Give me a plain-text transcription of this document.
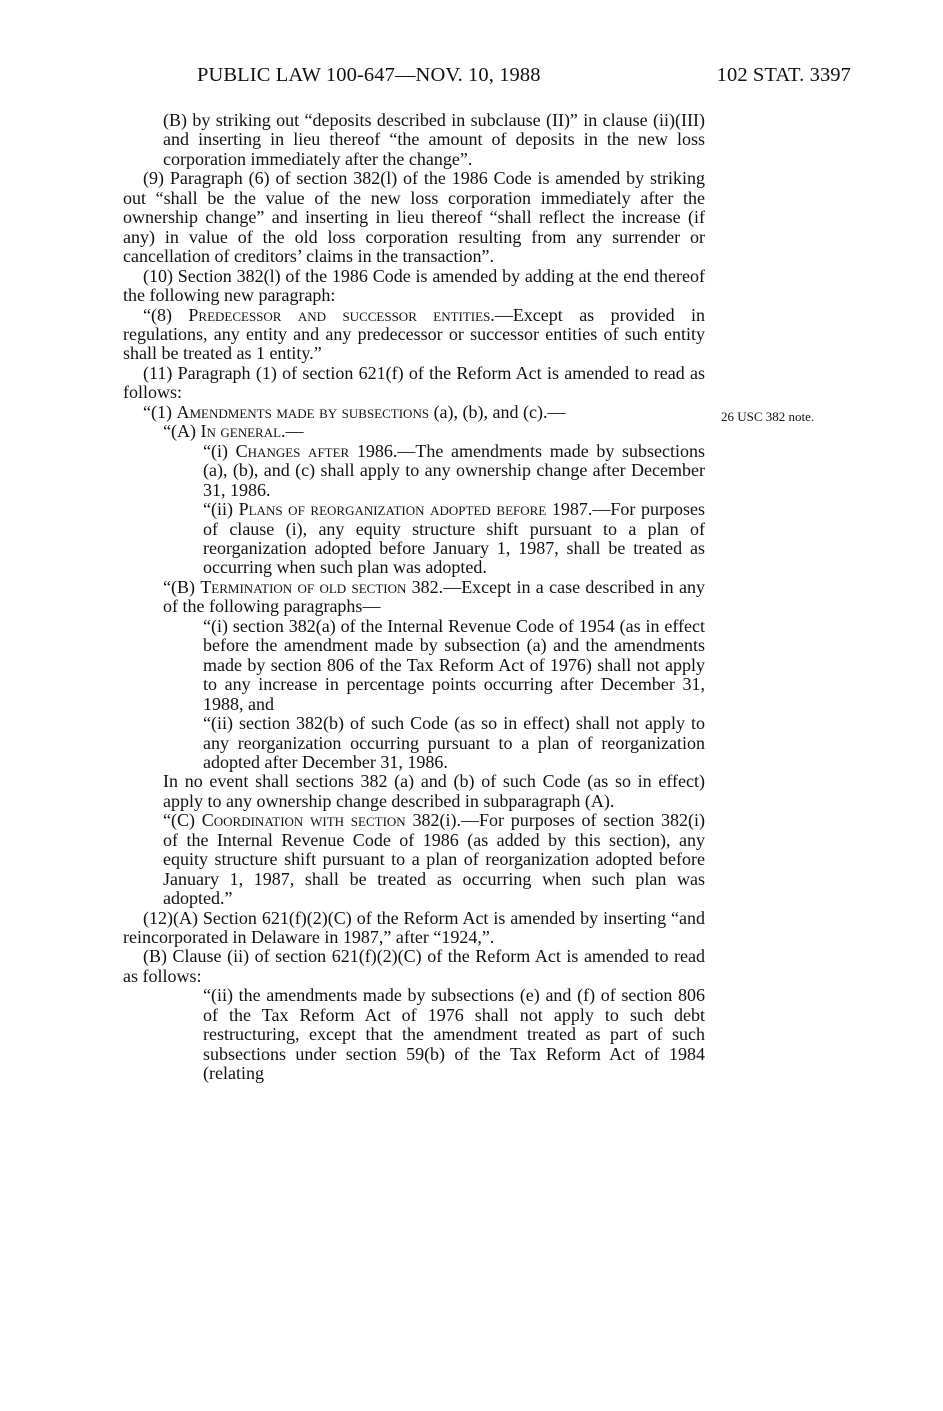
PUBLIC LAW 100-647—NOV. 10, 1988	102 STAT. 3397

(B) by striking out “deposits described in subclause (II)” in clause (ii)(III) and inserting in lieu thereof “the amount of deposits in the new loss corporation immediately after the change”.

(9) Paragraph (6) of section 382(l) of the 1986 Code is amended by striking out “shall be the value of the new loss corporation immediately after the ownership change” and inserting in lieu thereof “shall reflect the increase (if any) in value of the old loss corporation resulting from any surrender or cancellation of creditors’ claims in the transaction”.

(10) Section 382(l) of the 1986 Code is amended by adding at the end thereof the following new paragraph:

“(8) Predecessor and successor entities.—Except as provided in regulations, any entity and any predecessor or successor entities of such entity shall be treated as 1 entity.”

(11) Paragraph (1) of section 621(f) of the Reform Act is amended to read as follows:

“(1) Amendments made by subsections (a), (b), and (c).—

“(A) In general.—

“(i) Changes after 1986.—The amendments made by subsections (a), (b), and (c) shall apply to any ownership change after December 31, 1986.

“(ii) Plans of reorganization adopted before 1987.—For purposes of clause (i), any equity structure shift pursuant to a plan of reorganization adopted before January 1, 1987, shall be treated as occurring when such plan was adopted.

“(B) Termination of old section 382.—Except in a case described in any of the following paragraphs—

“(i) section 382(a) of the Internal Revenue Code of 1954 (as in effect before the amendment made by subsection (a) and the amendments made by section 806 of the Tax Reform Act of 1976) shall not apply to any increase in percentage points occurring after December 31, 1988, and

“(ii) section 382(b) of such Code (as so in effect) shall not apply to any reorganization occurring pursuant to a plan of reorganization adopted after December 31, 1986.

In no event shall sections 382 (a) and (b) of such Code (as so in effect) apply to any ownership change described in subparagraph (A).

“(C) Coordination with section 382(i).—For purposes of section 382(i) of the Internal Revenue Code of 1986 (as added by this section), any equity structure shift pursuant to a plan of reorganization adopted before January 1, 1987, shall be treated as occurring when such plan was adopted.”

(12)(A) Section 621(f)(2)(C) of the Reform Act is amended by inserting “and reincorporated in Delaware in 1987,” after “1924,”.

(B) Clause (ii) of section 621(f)(2)(C) of the Reform Act is amended to read as follows:

“(ii) the amendments made by subsections (e) and (f) of section 806 of the Tax Reform Act of 1976 shall not apply to such debt restructuring, except that the amendment treated as part of such subsections under section 59(b) of the Tax Reform Act of 1984 (relating

26 USC 382 note.
